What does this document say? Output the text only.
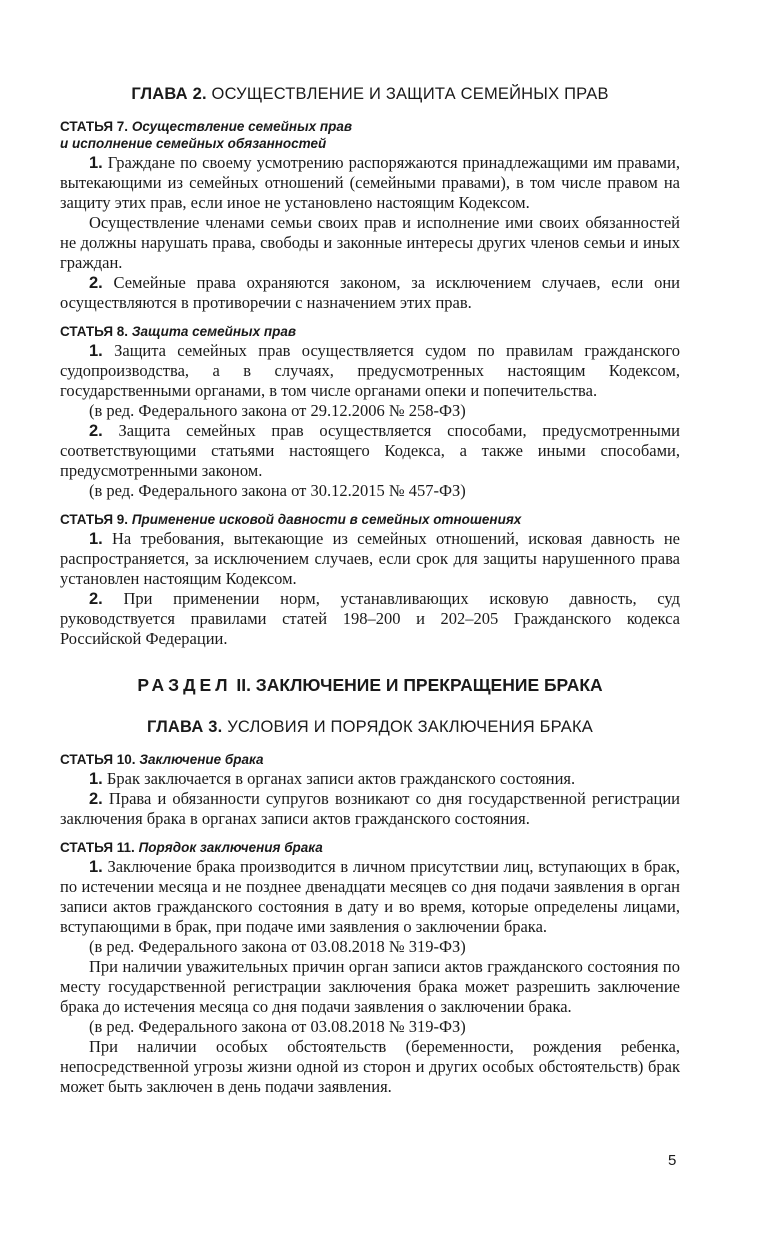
ГЛАВА 2. ОСУЩЕСТВЛЕНИЕ И ЗАЩИТА СЕМЕЙНЫХ ПРАВ
СТАТЬЯ 7. Осуществление семейных прав
и исполнение семейных обязанностей

1. Граждане по своему усмотрению распоряжаются принадлежащими им правами, вытекающими из семейных отношений (семейными правами), в том числе правом на защиту этих прав, если иное не установлено настоящим Кодексом.

Осуществление членами семьи своих прав и исполнение ими своих обязанностей не должны нарушать права, свободы и законные интересы других членов семьи и иных граждан.

2. Семейные права охраняются законом, за исключением случаев, если они осуществляются в противоречии с назначением этих прав.

СТАТЬЯ 8. Защита семейных прав

1. Защита семейных прав осуществляется судом по правилам гражданского судопроизводства, а в случаях, предусмотренных настоящим Кодексом, государственными органами, в том числе органами опеки и попечительства.

(в ред. Федерального закона от 29.12.2006 № 258-ФЗ)

2. Защита семейных прав осуществляется способами, предусмотренными соответствующими статьями настоящего Кодекса, а также иными способами, предусмотренными законом.

(в ред. Федерального закона от 30.12.2015 № 457-ФЗ)

СТАТЬЯ 9. Применение исковой давности в семейных отношениях

1. На требования, вытекающие из семейных отношений, исковая давность не распространяется, за исключением случаев, если срок для защиты нарушенного права установлен настоящим Кодексом.

2. При применении норм, устанавливающих исковую давность, суд руководствуется правилами статей 198–200 и 202–205 Гражданского кодекса Российской Федерации.

РАЗДЕЛ II. ЗАКЛЮЧЕНИЕ И ПРЕКРАЩЕНИЕ БРАКА
ГЛАВА 3. УСЛОВИЯ И ПОРЯДОК ЗАКЛЮЧЕНИЯ БРАКА
СТАТЬЯ 10. Заключение брака

1. Брак заключается в органах записи актов гражданского состояния.

2. Права и обязанности супругов возникают со дня государственной регистрации заключения брака в органах записи актов гражданского состояния.

СТАТЬЯ 11. Порядок заключения брака

1. Заключение брака производится в личном присутствии лиц, вступающих в брак, по истечении месяца и не позднее двенадцати месяцев со дня подачи заявления в орган записи актов гражданского состояния в дату и во время, которые определены лицами, вступающими в брак, при подаче ими заявления о заключении брака.

(в ред. Федерального закона от 03.08.2018 № 319-ФЗ)

При наличии уважительных причин орган записи актов гражданского состояния по месту государственной регистрации заключения брака может разрешить заключение брака до истечения месяца со дня подачи заявления о заключении брака.

(в ред. Федерального закона от 03.08.2018 № 319-ФЗ)

При наличии особых обстоятельств (беременности, рождения ребенка, непосредственной угрозы жизни одной из сторон и других особых обстоятельств) брак может быть заключен в день подачи заявления.

5
